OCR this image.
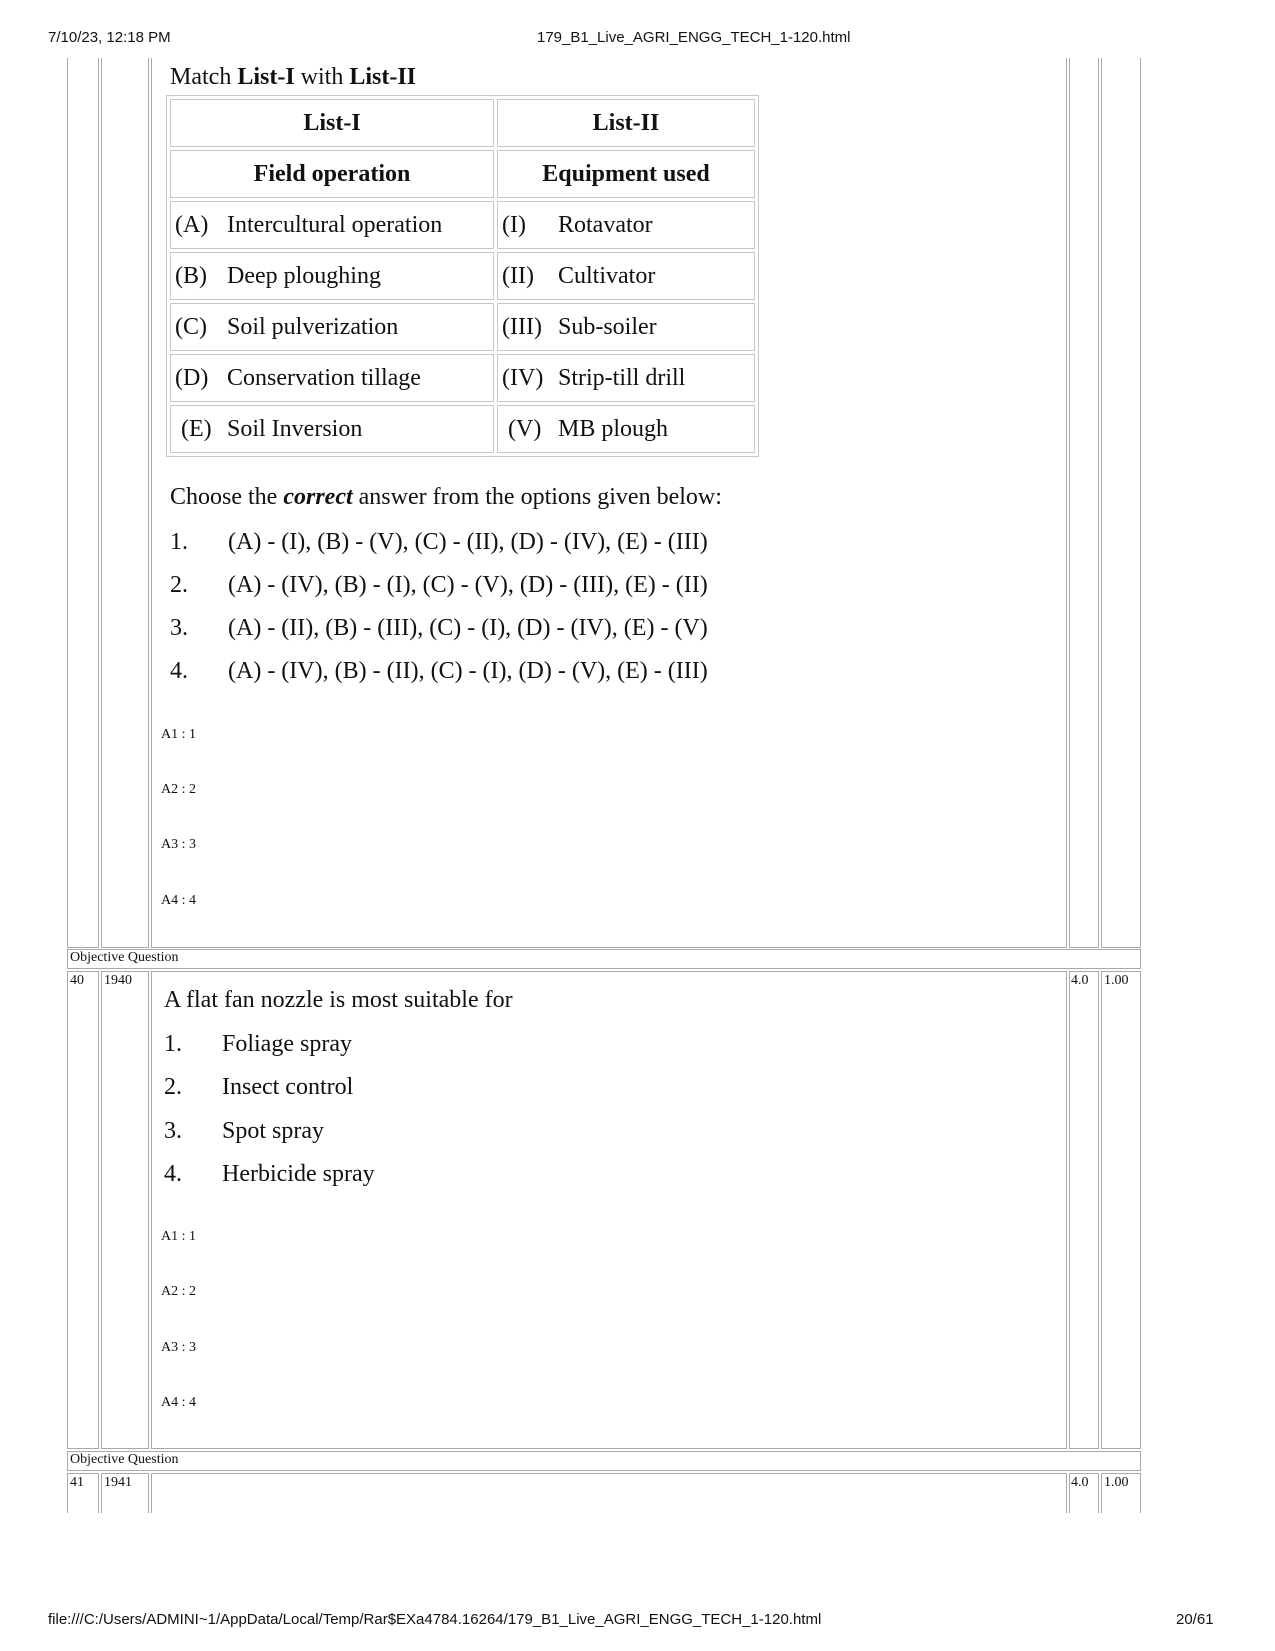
7/10/23, 12:18 PM	179_B1_Live_AGRI_ENGG_TECH_1-120.html
Match List-I with List-II
List-I	List-II
Field operation	Equipment used
(A) Intercultural operation	(I) Rotavator
(B) Deep ploughing	(II) Cultivator
(C) Soil pulverization	(III) Sub-soiler
(D) Conservation tillage	(IV) Strip-till drill
(E) Soil Inversion	(V) MB plough
Choose the correct answer from the options given below:
1. (A) - (I), (B) - (V), (C) - (II), (D) - (IV), (E) - (III)
2. (A) - (IV), (B) - (I), (C) - (V), (D) - (III), (E) - (II)
3. (A) - (II), (B) - (III), (C) - (I), (D) - (IV), (E) - (V)
4. (A) - (IV), (B) - (II), (C) - (I), (D) - (V), (E) - (III)
A1 : 1
A2 : 2
A3 : 3
A4 : 4
Objective Question
40 1940	4.0 1.00
A flat fan nozzle is most suitable for
1. Foliage spray
2. Insect control
3. Spot spray
4. Herbicide spray
A1 : 1
A2 : 2
A3 : 3
A4 : 4
Objective Question
41 1941	4.0 1.00
file:///C:/Users/ADMINI~1/AppData/Local/Temp/Rar$EXa4784.16264/179_B1_Live_AGRI_ENGG_TECH_1-120.html	20/61
